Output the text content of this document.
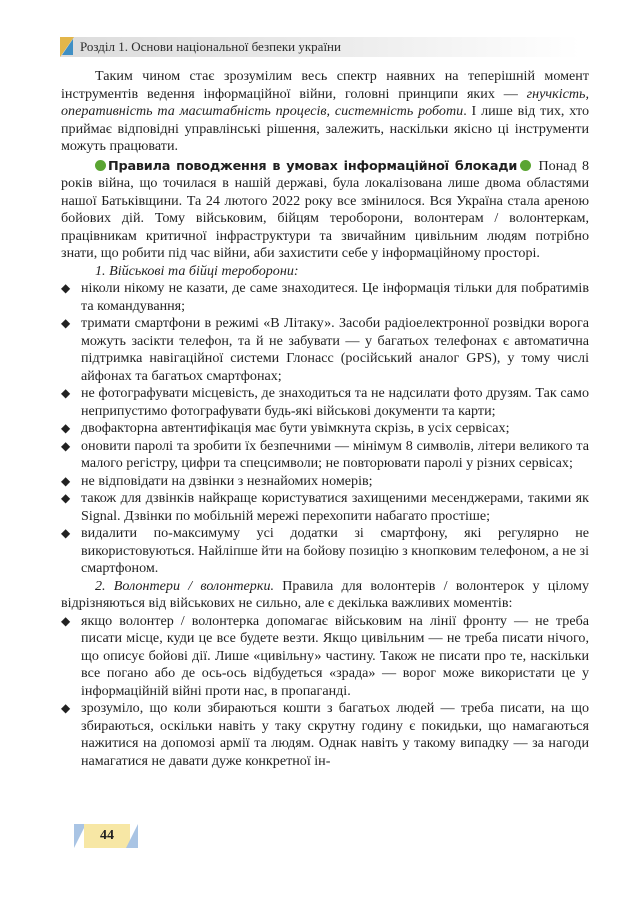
Розділ 1. Основи національної безпеки україни

Таким чином стає зрозумілим весь спектр наявних на теперішній момент інструментів ведення інформаційної війни, головні принципи яких — гнучкість, оперативність та масштабність процесів, системність роботи. І лише від тих, хто приймає відповідні управлінські рішення, залежить, наскільки якісно ці інструменти можуть працювати.

Правила поводження в умовах інформаційної блокади Понад 8 років війна, що точилася в нашій державі, була локалізована лише двома областями нашої Батьківщини. Та 24 лютого 2022 року все змінилося. Вся Україна стала ареною бойових дій. Тому військовим, бійцям тероборони, волонтерам / волонтеркам, працівникам критичної інфраструктури та звичайним цивільним людям потрібно знати, що робити під час війни, аби захистити себе у інформаційному просторі.

1. Військові та бійці тероборони:

◆ ніколи нікому не казати, де саме знаходитеся. Це інформація тільки для побратимів та командування;
◆ тримати смартфони в режимі «В Літаку». Засоби радіоелектронної розвідки ворога можуть засікти телефон, та й не забувати — у багатьох телефонах є автоматична підтримка навігаційної системи Глонасс (російський аналог GPS), у тому числі айфонах та багатьох смартфонах;
◆ не фотографувати місцевість, де знаходиться та не надсилати фото друзям. Так само неприпустимо фотографувати будь-які військові документи та карти;
◆ двофакторна автентифікація має бути увімкнута скрізь, в усіх сервісах;
◆ оновити паролі та зробити їх безпечними — мінімум 8 символів, літери великого та малого регістру, цифри та спецсимволи; не повторювати паролі у різних сервісах;
◆ не відповідати на дзвінки з незнайомих номерів;
◆ також для дзвінків найкраще користуватися захищеними месенджерами, такими як Signal. Дзвінки по мобільній мережі перехопити набагато простіше;
◆ видалити по-максимуму усі додатки зі смартфону, які регулярно не використовуються. Найліпше йти на бойову позицію з кнопковим телефоном, а не зі смартфоном.

2. Волонтери / волонтерки. Правила для волонтерів / волонтерок у цілому відрізняються від військових не сильно, але є декілька важливих моментів:

◆ якщо волонтер / волонтерка допомагає військовим на лінії фронту — не треба писати місце, куди це все будете везти. Якщо цивільним — не треба писати нічого, що описує бойові дії. Лише «цивільну» частину. Також не писати про те, наскільки все погано або де ось-ось відбудеться «зрада» — ворог може використати це у інформаційній війні проти нас, в пропаганді.
◆ зрозуміло, що коли збираються кошти з багатьох людей — треба писати, на що збираються, оскільки навіть у таку скрутну годину є покидьки, що намагаються нажитися на допомозі армії та людям. Однак навіть у такому випадку — за нагоди намагатися не давати дуже конкретної ін-
44
